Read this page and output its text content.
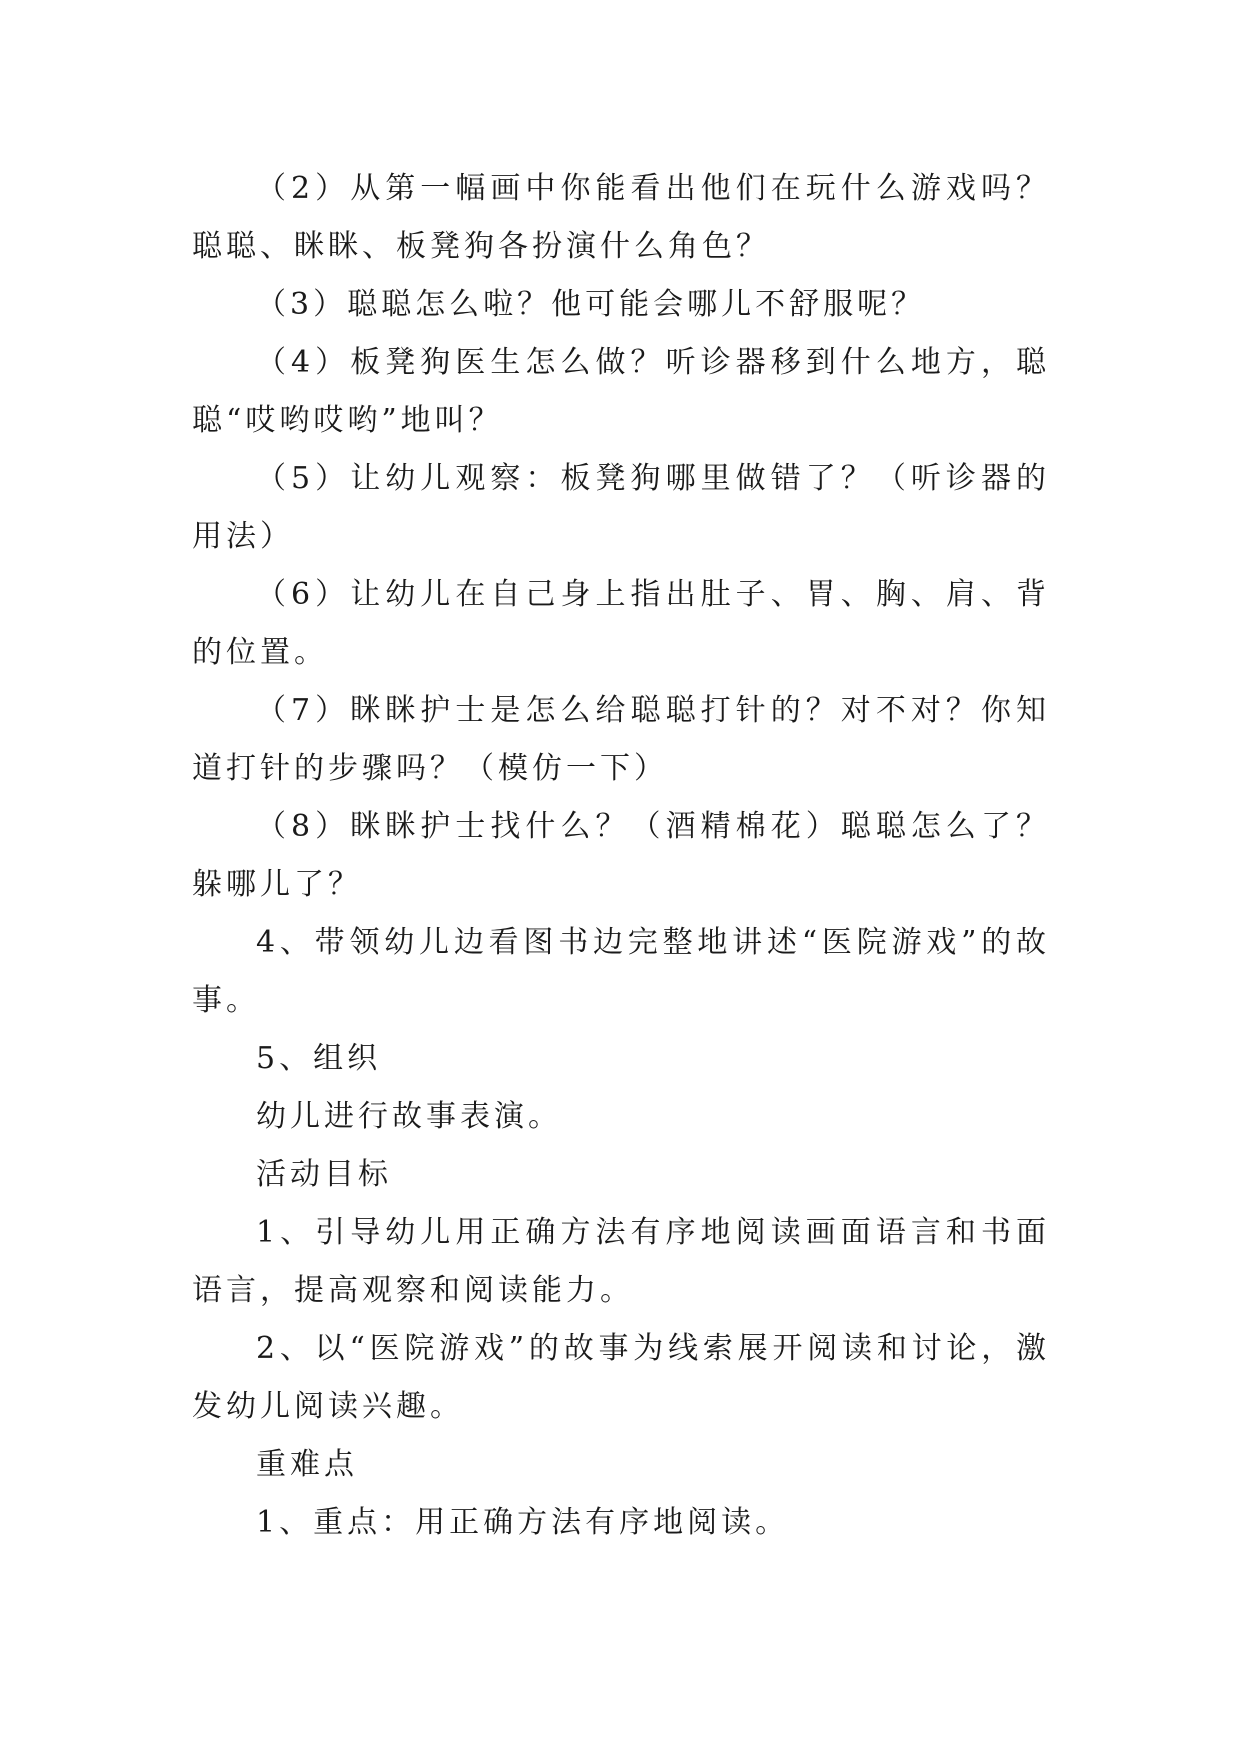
（2）从第一幅画中你能看出他们在玩什么游戏吗？聪聪、眯眯、板凳狗各扮演什么角色？

（3）聪聪怎么啦？他可能会哪儿不舒服呢？

（4）板凳狗医生怎么做？听诊器移到什么地方，聪聪“哎哟哎哟”地叫？

（5）让幼儿观察：板凳狗哪里做错了？（听诊器的用法）

（6）让幼儿在自己身上指出肚子、胃、胸、肩、背的位置。

（7）眯眯护士是怎么给聪聪打针的？对不对？你知道打针的步骤吗？（模仿一下）

（8）眯眯护士找什么？（酒精棉花）聪聪怎么了？躲哪儿了？

4、带领幼儿边看图书边完整地讲述“医院游戏”的故事。

5、组织

幼儿进行故事表演。

活动目标

1、引导幼儿用正确方法有序地阅读画面语言和书面语言，提高观察和阅读能力。

2、以“医院游戏”的故事为线索展开阅读和讨论，激发幼儿阅读兴趣。

重难点

1、重点：用正确方法有序地阅读。
